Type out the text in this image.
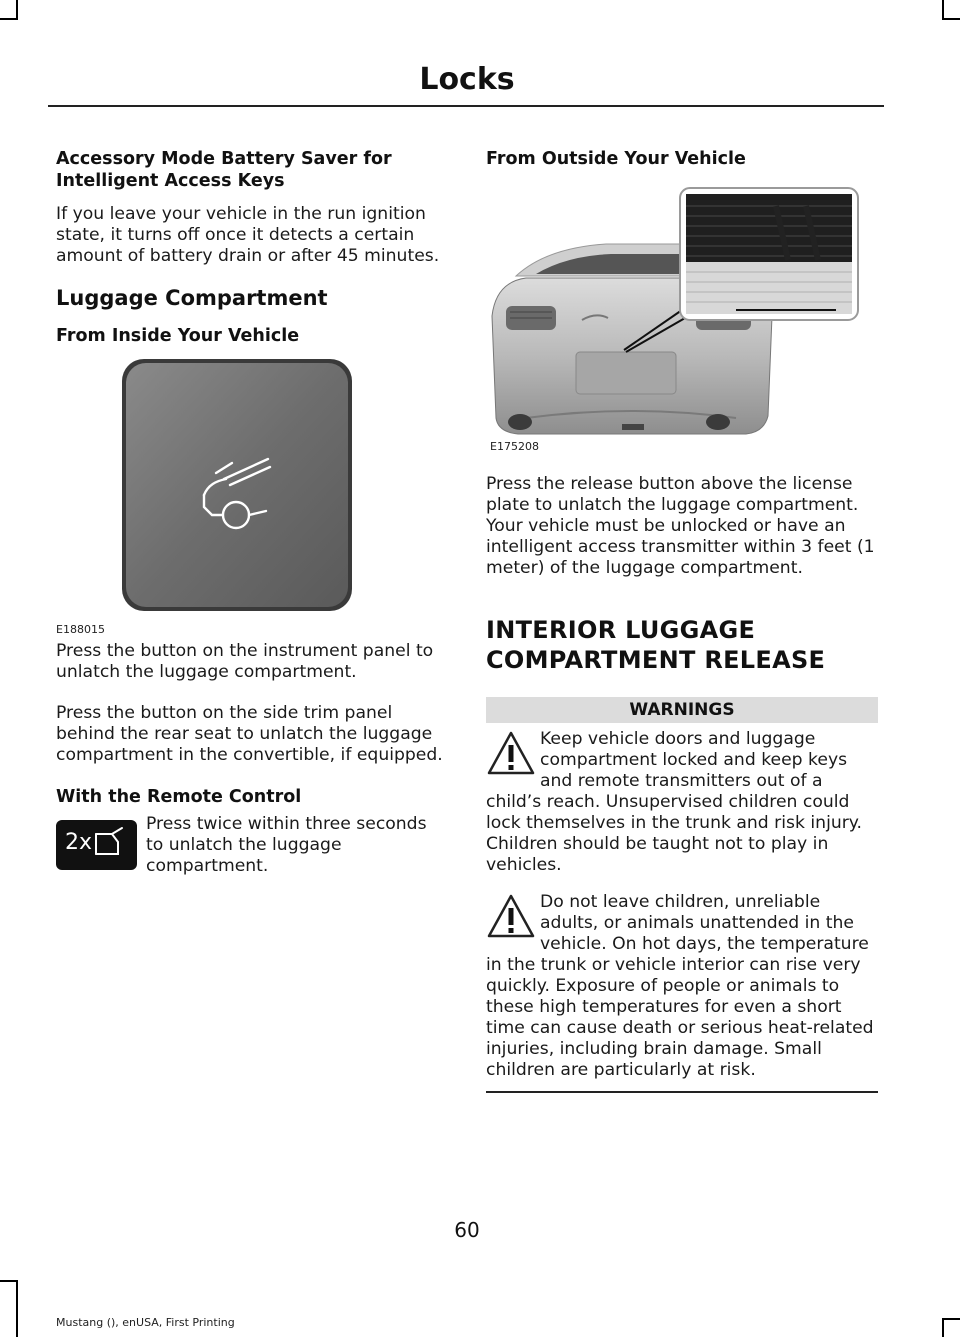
Locks
Accessory Mode Battery Saver for Intelligent Access Keys

If you leave your vehicle in the run ignition state, it turns off once it detects a certain amount of battery drain or after 45 minutes.

Luggage Compartment
From Inside Your Vehicle
E188015

Press the button on the instrument panel to unlatch the luggage compartment.

Press the button on the side trim panel behind the rear seat to unlatch the luggage compartment in the convertible, if equipped.

With the Remote Control
2x

Press twice within three seconds to unlatch the luggage compartment.

From Outside Your Vehicle
E175208

Press the release button above the license plate to unlatch the luggage compartment. Your vehicle must be unlocked or have an intelligent access transmitter within 3 feet (1 meter) of the luggage compartment.

INTERIOR LUGGAGE
COMPARTMENT RELEASE
WARNINGS

Keep vehicle doors and luggage compartment locked and keep keys and remote transmitters out of a child’s reach. Unsupervised children could lock themselves in the trunk and risk injury. Children should be taught not to play in vehicles.

Do not leave children, unreliable adults, or animals unattended in the vehicle. On hot days, the temperature in the trunk or vehicle interior can rise very quickly. Exposure of people or animals to these high temperatures for even a short time can cause death or serious heat-related injuries, including brain damage. Small children are particularly at risk.

60
Mustang (), enUSA, First Printing
